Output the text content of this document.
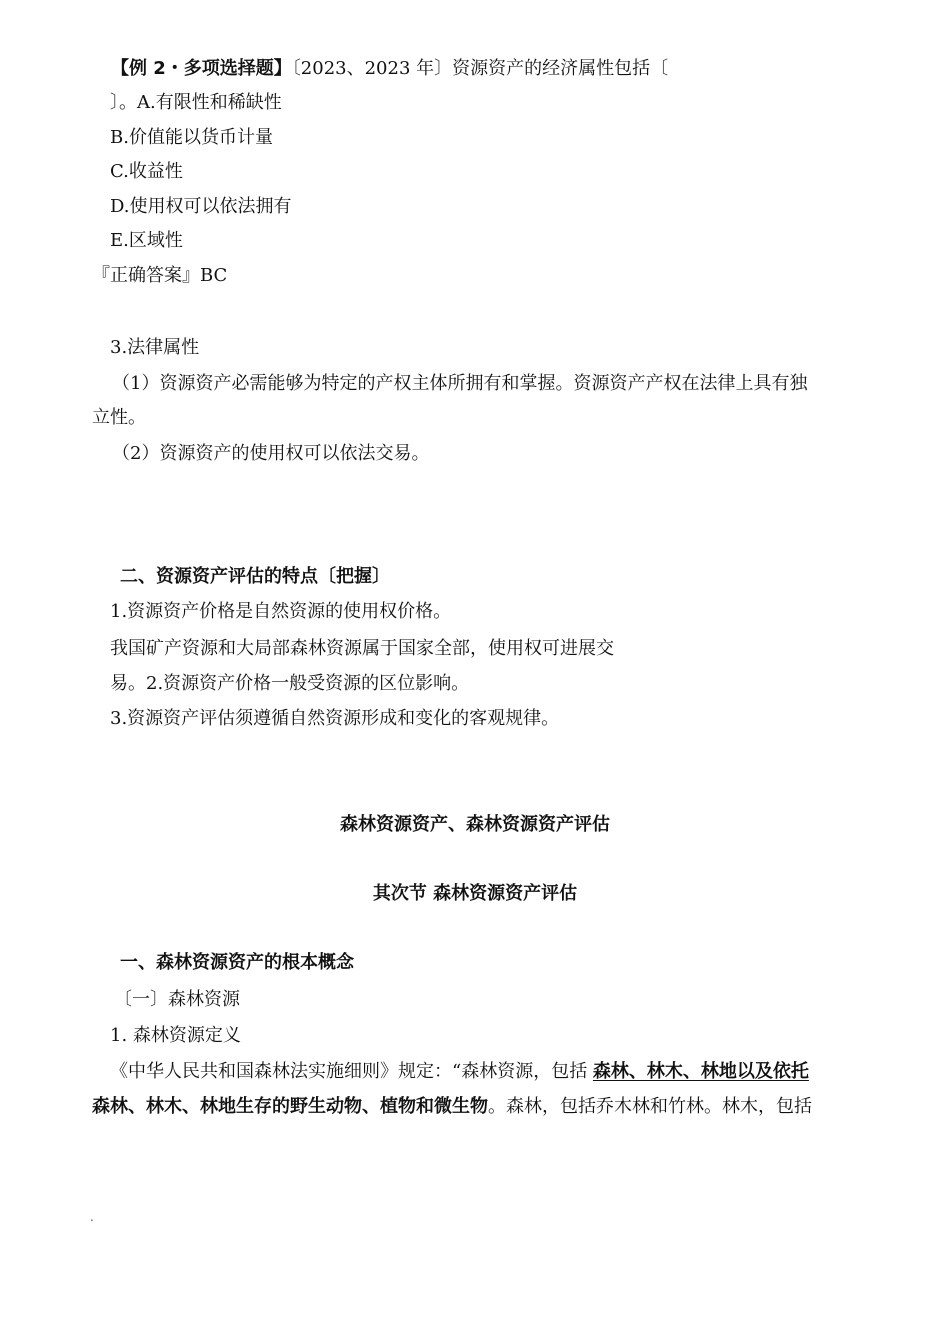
【例 2・多项选择题】〔2023、2023 年〕资源资产的经济属性包括〔
〕。A.有限性和稀缺性
B.价值能以货币计量
C.收益性
D.使用权可以依法拥有
E.区域性
『正确答案』BC
3.法律属性
（1）资源资产必需能够为特定的产权主体所拥有和掌握。资源资产产权在法律上具有独
立性。
（2）资源资产的使用权可以依法交易。
二、资源资产评估的特点〔把握〕
1.资源资产价格是自然资源的使用权价格。
我国矿产资源和大局部森林资源属于国家全部，使用权可进展交
易。2.资源资产价格一般受资源的区位影响。
3.资源资产评估须遵循自然资源形成和变化的客观规律。
森林资源资产、森林资源资产评估
其次节 森林资源资产评估
一、森林资源资产的根本概念
〔一〕森林资源
1. 森林资源定义
《中华人民共和国森林法实施细则》规定：“森林资源，包括 森林、林木、林地以及依托
森林、林木、林地生存的野生动物、植物和微生物。森林，包括乔木林和竹林。林木，包括
.
